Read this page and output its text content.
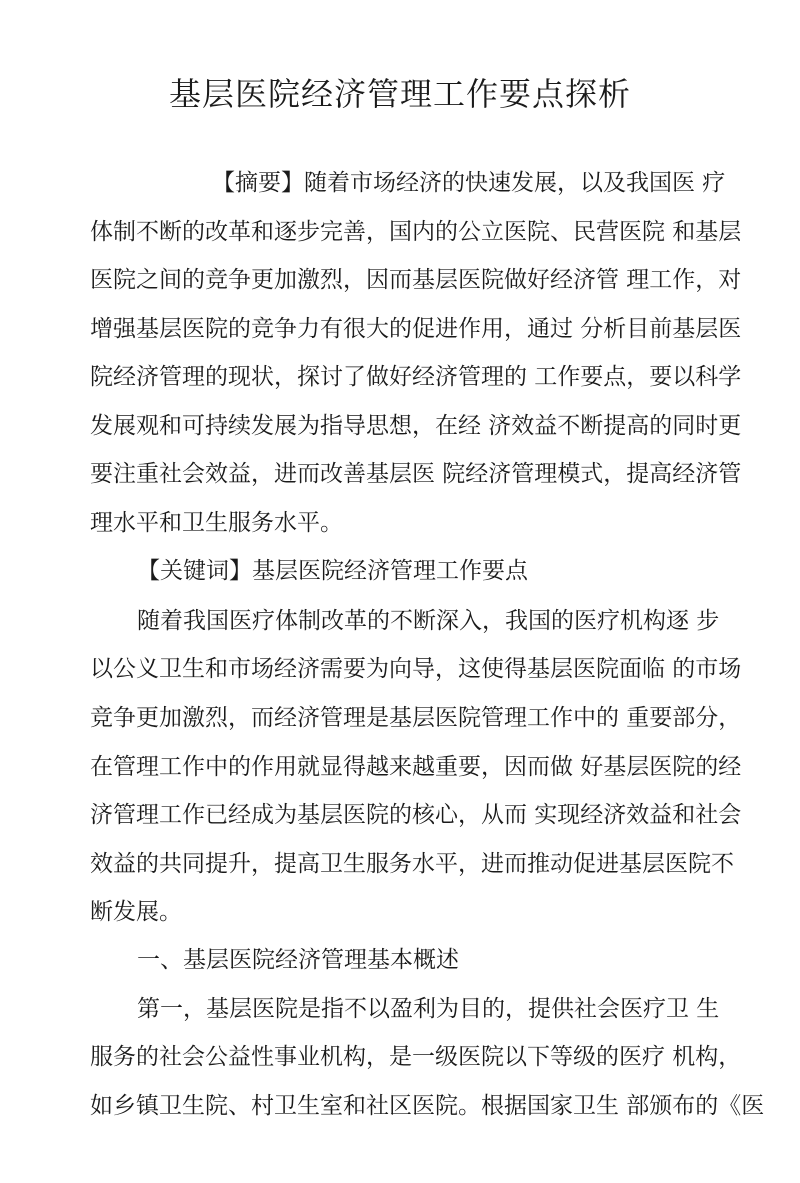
基层医院经济管理工作要点探析
【摘要】随着市场经济的快速发展，以及我国医 疗
体制不断的改革和逐步完善，国内的公立医院、民营医院 和基层
医院之间的竞争更加激烈，因而基层医院做好经济管 理工作，对
增强基层医院的竞争力有很大的促进作用，通过 分析目前基层医
院经济管理的现状，探讨了做好经济管理的 工作要点，要以科学
发展观和可持续发展为指导思想，在经 济效益不断提高的同时更
要注重社会效益，进而改善基层医 院经济管理模式，提高经济管
理水平和卫生服务水平。
【关键词】基层医院经济管理工作要点
随着我国医疗体制改革的不断深入，我国的医疗机构逐 步
以公义卫生和市场经济需要为向导，这使得基层医院面临 的市场
竞争更加激烈，而经济管理是基层医院管理工作中的 重要部分，
在管理工作中的作用就显得越来越重要，因而做 好基层医院的经
济管理工作已经成为基层医院的核心，从而 实现经济效益和社会
效益的共同提升，提高卫生服务水平，进而推动促进基层医院不
断发展。
一、基层医院经济管理基本概述
第一，基层医院是指不以盈利为目的，提供社会医疗卫 生
服务的社会公益性事业机构，是一级医院以下等级的医疗 机构，
如乡镇卫生院、村卫生室和社区医院。根据国家卫生 部颁布的《医
